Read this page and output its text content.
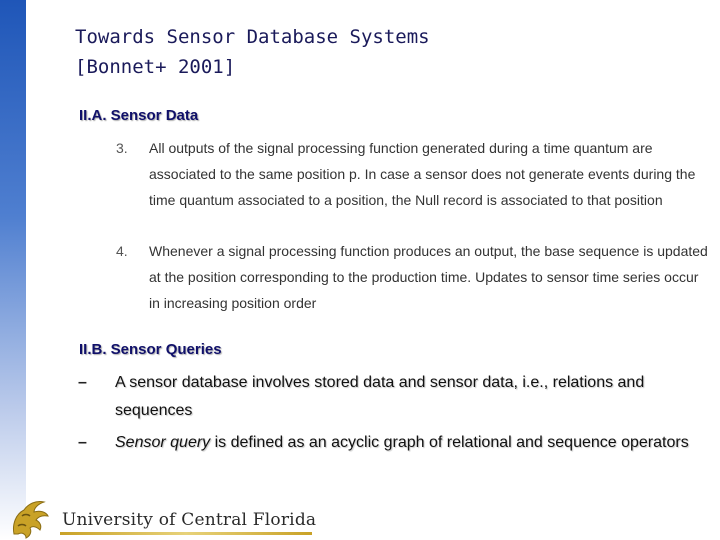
Towards Sensor Database Systems
[Bonnet+ 2001]
II.A. Sensor Data
3. All outputs of the signal processing function generated during a time quantum are associated to the same position p. In case a sensor does not generate events during the time quantum associated to a position, the Null record is associated to that position
4. Whenever a signal processing function produces an output, the base sequence is updated at the position corresponding to the production time. Updates to sensor time series occur in increasing position order
II.B. Sensor Queries
– A sensor database involves stored data and sensor data, i.e., relations and sequences
– Sensor query is defined as an acyclic graph of relational and sequence operators
University of Central Florida
